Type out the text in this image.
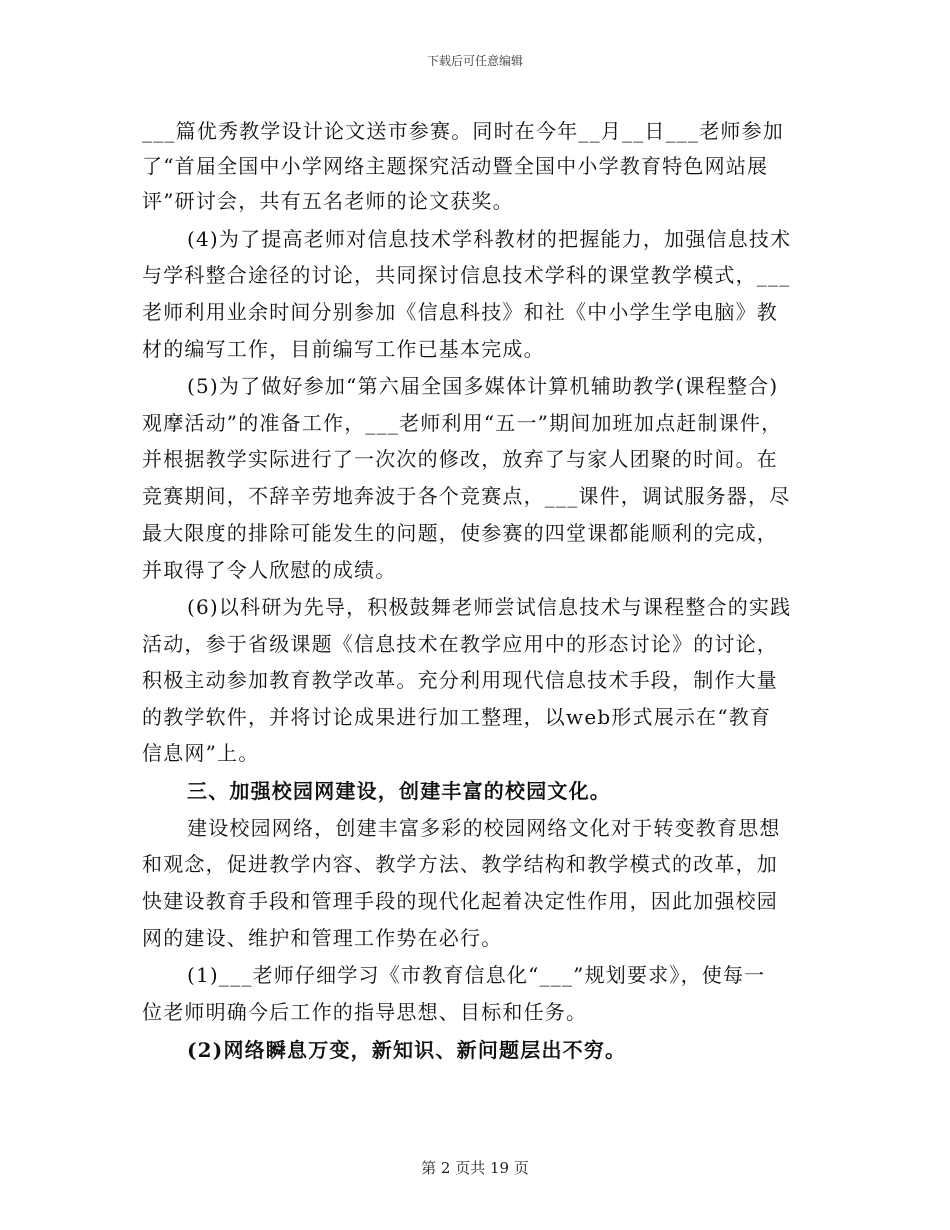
下载后可任意编辑
___篇优秀教学设计论文送市参赛。同时在今年__月__日___老师参加
了“首届全国中小学网络主题探究活动暨全国中小学教育特色网站展
评”研讨会，共有五名老师的论文获奖。
(4)为了提高老师对信息技术学科教材的把握能力，加强信息技术
与学科整合途径的讨论，共同探讨信息技术学科的课堂教学模式，___
老师利用业余时间分别参加《信息科技》和社《中小学生学电脑》教
材的编写工作，目前编写工作已基本完成。
(5)为了做好参加“第六届全国多媒体计算机辅助教学(课程整合)
观摩活动”的准备工作，___老师利用“五一”期间加班加点赶制课件，
并根据教学实际进行了一次次的修改，放弃了与家人团聚的时间。在
竞赛期间，不辞辛劳地奔波于各个竞赛点，___课件，调试服务器，尽
最大限度的排除可能发生的问题，使参赛的四堂课都能顺利的完成，
并取得了令人欣慰的成绩。
(6)以科研为先导，积极鼓舞老师尝试信息技术与课程整合的实践
活动，参于省级课题《信息技术在教学应用中的形态讨论》的讨论，
积极主动参加教育教学改革。充分利用现代信息技术手段，制作大量
的教学软件，并将讨论成果进行加工整理，以web形式展示在“教育
信息网”上。
三、加强校园网建设，创建丰富的校园文化。
建设校园网络，创建丰富多彩的校园网络文化对于转变教育思想
和观念，促进教学内容、教学方法、教学结构和教学模式的改革，加
快建设教育手段和管理手段的现代化起着决定性作用，因此加强校园
网的建设、维护和管理工作势在必行。
(1)___老师仔细学习《市教育信息化“___”规划要求》，使每一
位老师明确今后工作的指导思想、目标和任务。
(2)网络瞬息万变，新知识、新问题层出不穷。
第 2 页共 19 页
